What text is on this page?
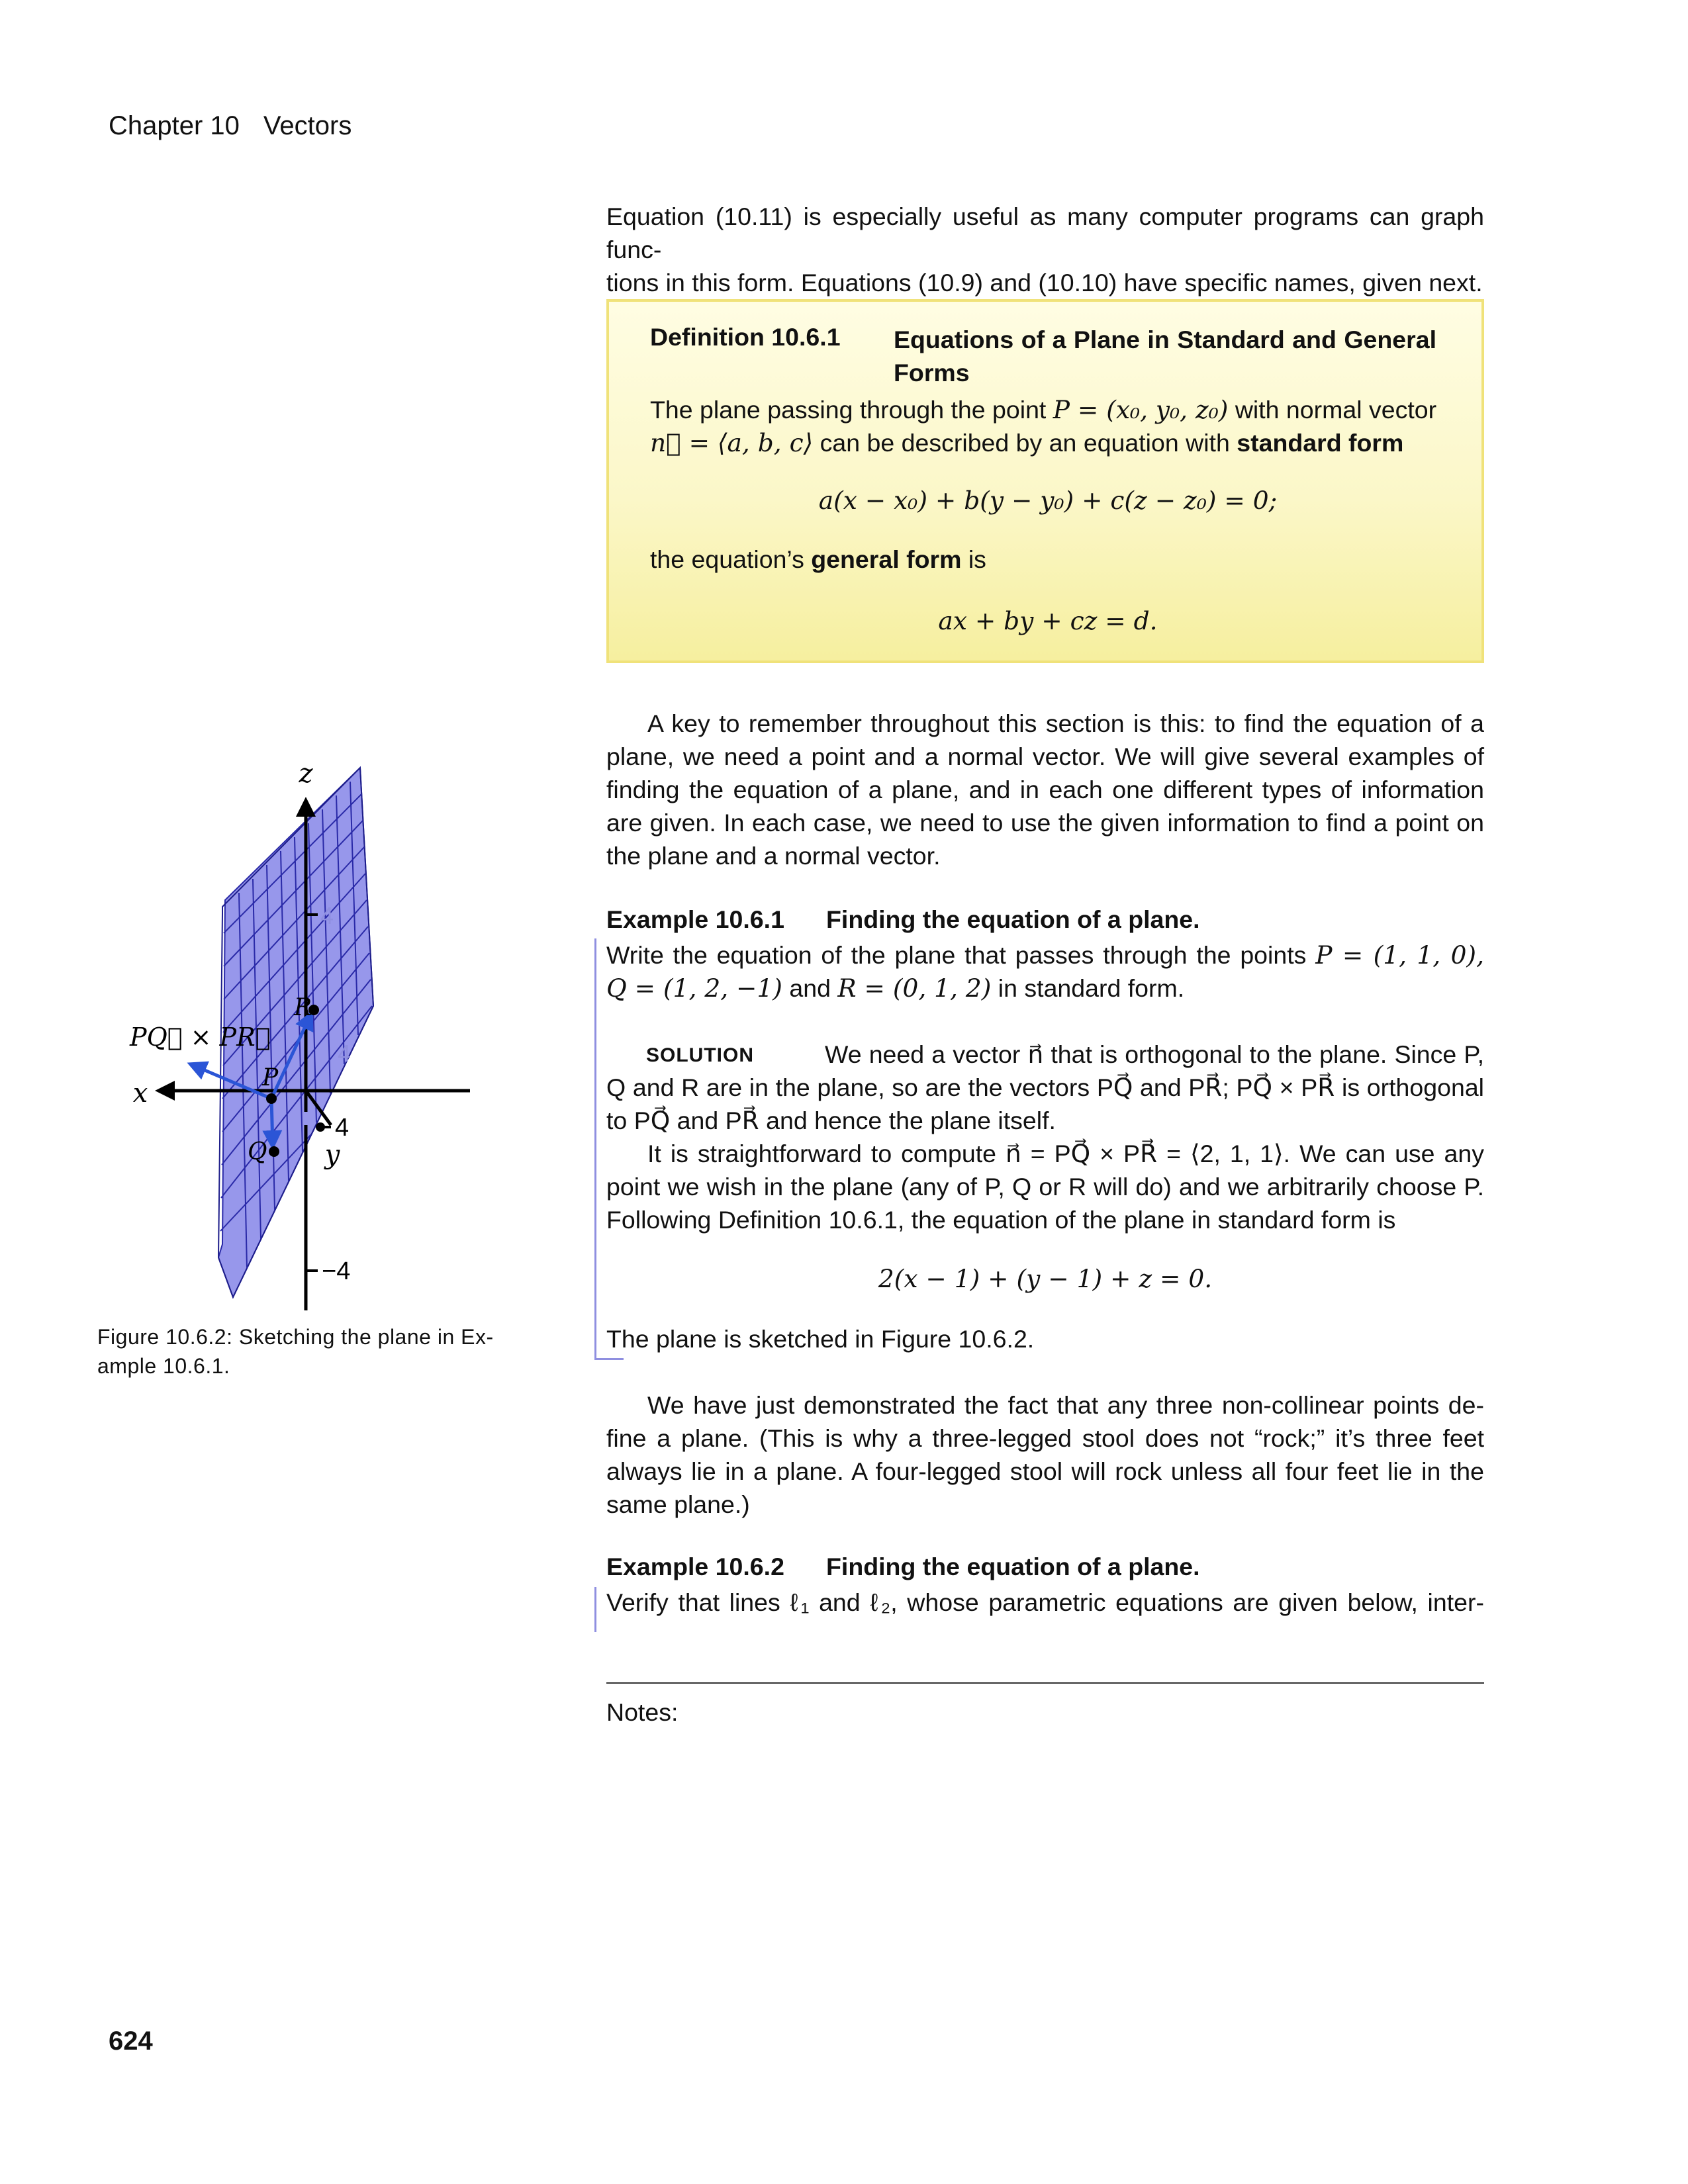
Chapter 10 Vectors
Equation (10.11) is especially useful as many computer programs can graph func-
tions in this form. Equations (10.9) and (10.10) have specific names, given next.
Definition 10.6.1 Equations of a Plane in Standard and General
Forms
The plane passing through the point P = (x₀, y₀, z₀) with normal vector
n⃗ = ⟨a, b, c⟩ can be described by an equation with standard form
a(x − x₀) + b(y − y₀) + c(z − z₀) = 0;
the equation’s general form is
ax + by + cz = d.
A key to remember throughout this section is this: to find the equation of a
plane, we need a point and a normal vector. We will give several examples of
finding the equation of a plane, and in each one different types of information
are given. In each case, we need to use the given information to find a point on
the plane and a normal vector.
Example 10.6.1 Finding the equation of a plane.
Write the equation of the plane that passes through the points P = (1, 1, 0),
Q = (1, 2, −1) and R = (0, 1, 2) in standard form.
SOLUTION	We need a vector n⃗ that is orthogonal to the plane. Since P,
Q and R are in the plane, so are the vectors PQ⃗ and PR⃗; PQ⃗ × PR⃗ is orthogonal
to PQ⃗ and PR⃗ and hence the plane itself.
It is straightforward to compute n⃗ = PQ⃗ × PR⃗ = ⟨2, 1, 1⟩. We can use any
point we wish in the plane (any of P, Q or R will do) and we arbitrarily choose P.
Following Definition 10.6.1, the equation of the plane in standard form is
2(x − 1) + (y − 1) + z = 0.
The plane is sketched in Figure 10.6.2.
We have just demonstrated the fact that any three non-collinear points de-
fine a plane. (This is why a three-legged stool does not “rock;” it’s three feet
always lie in a plane. A four-legged stool will rock unless all four feet lie in the
same plane.)
Example 10.6.2 Finding the equation of a plane.
Verify that lines ℓ₁ and ℓ₂, whose parametric equations are given below, inter-
Notes:
z
x
y
4
−4
4
4
P
Q
R
PQ⃗ × PR⃗
Figure 10.6.2: Sketching the plane in Ex-
ample 10.6.1.
624
